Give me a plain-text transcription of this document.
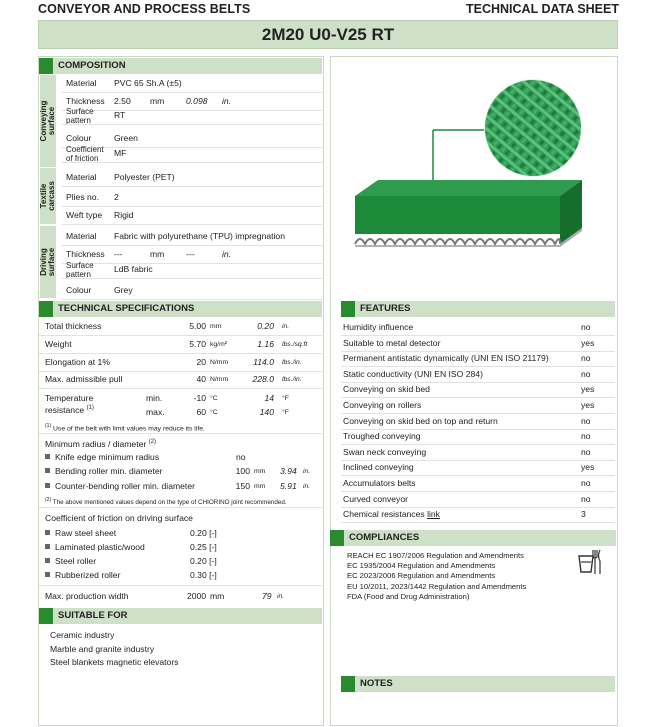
CONVEYOR AND PROCESS BELTS	TECHNICAL DATA SHEET
2M20 U0-V25 RT
COMPOSITION
Conveying
surface
Textile
carcass
Driving
surface
Material PVC 65 Sh.A (±5)
Thickness 2.50 mm	0.098 in.
Surface
pattern
RT
Colour	Green
Coefficient
of friction
MF
Material Polyester (PET)
Plies no. 2
Weft type Rigid
Material Fabric with polyurethane (TPU) impregnation
Thickness ---	mm	---	in.
Surface
pattern
LdB fabric
Colour	Grey
TECHNICAL SPECIFICATIONS
Total thickness	5.00 mm	0.20 in.
Weight	5.70 kg/m²	1.16 lbs./sq.ft
Elongation at 1%	20 N/mm	114.0 lbs./in.
Max. admissible pull	40 N/mm	228.0 lbs./in.
Temperature
resistance $^{(1)}$
min.	-10 °C	14 °F
max.	60 °C	140 °F
$^{(1)}$ Use of the belt with limit values may reduce its life.
Minimum radius / diameter $^{(2)}$
Knife edge minimum radius	no
Bending roller min. diameter	100 mm 3.94 in.
Counter-bending roller min. diameter	150 mm 5.91 in.
$^{(2)}$ The above mentioned values depend on the type of CHIORINO joint recommended.
Coefficient of friction on driving surface
Raw steel sheet	0.20 [-]
Laminated plastic/wood	0.25 [-]
Steel roller	0.20 [-]
Rubberized roller	0.30 [-]
Max. production width	2000 mm	79 in.
SUITABLE FOR
Ceramic industry
Marble and granite industry
Steel blankets magnetic elevators
FEATURES
Humidity influence	no
Suitable to metal detector	yes
Permanent antistatic dynamically (UNI EN ISO 21179)	no
Static conductivity (UNI EN ISO 284)	no
Conveying on skid bed	yes
Conveying on rollers	yes
Conveying on skid bed on top and return	no
Troughed conveying	no
Swan neck conveying	no
Inclined conveying	yes
Accumulators belts	no
Curved conveyor	no
Chemical resistances link	3
COMPLIANCES
REACH EC 1907/2006 Regulation and Amendments
EC 1935/2004 Regulation and Amendments
EC 2023/2006 Regulation and Amendments
EU 10/2011, 2023/1442 Regulation and Amendments
FDA (Food and Drug Administration)
NOTES
